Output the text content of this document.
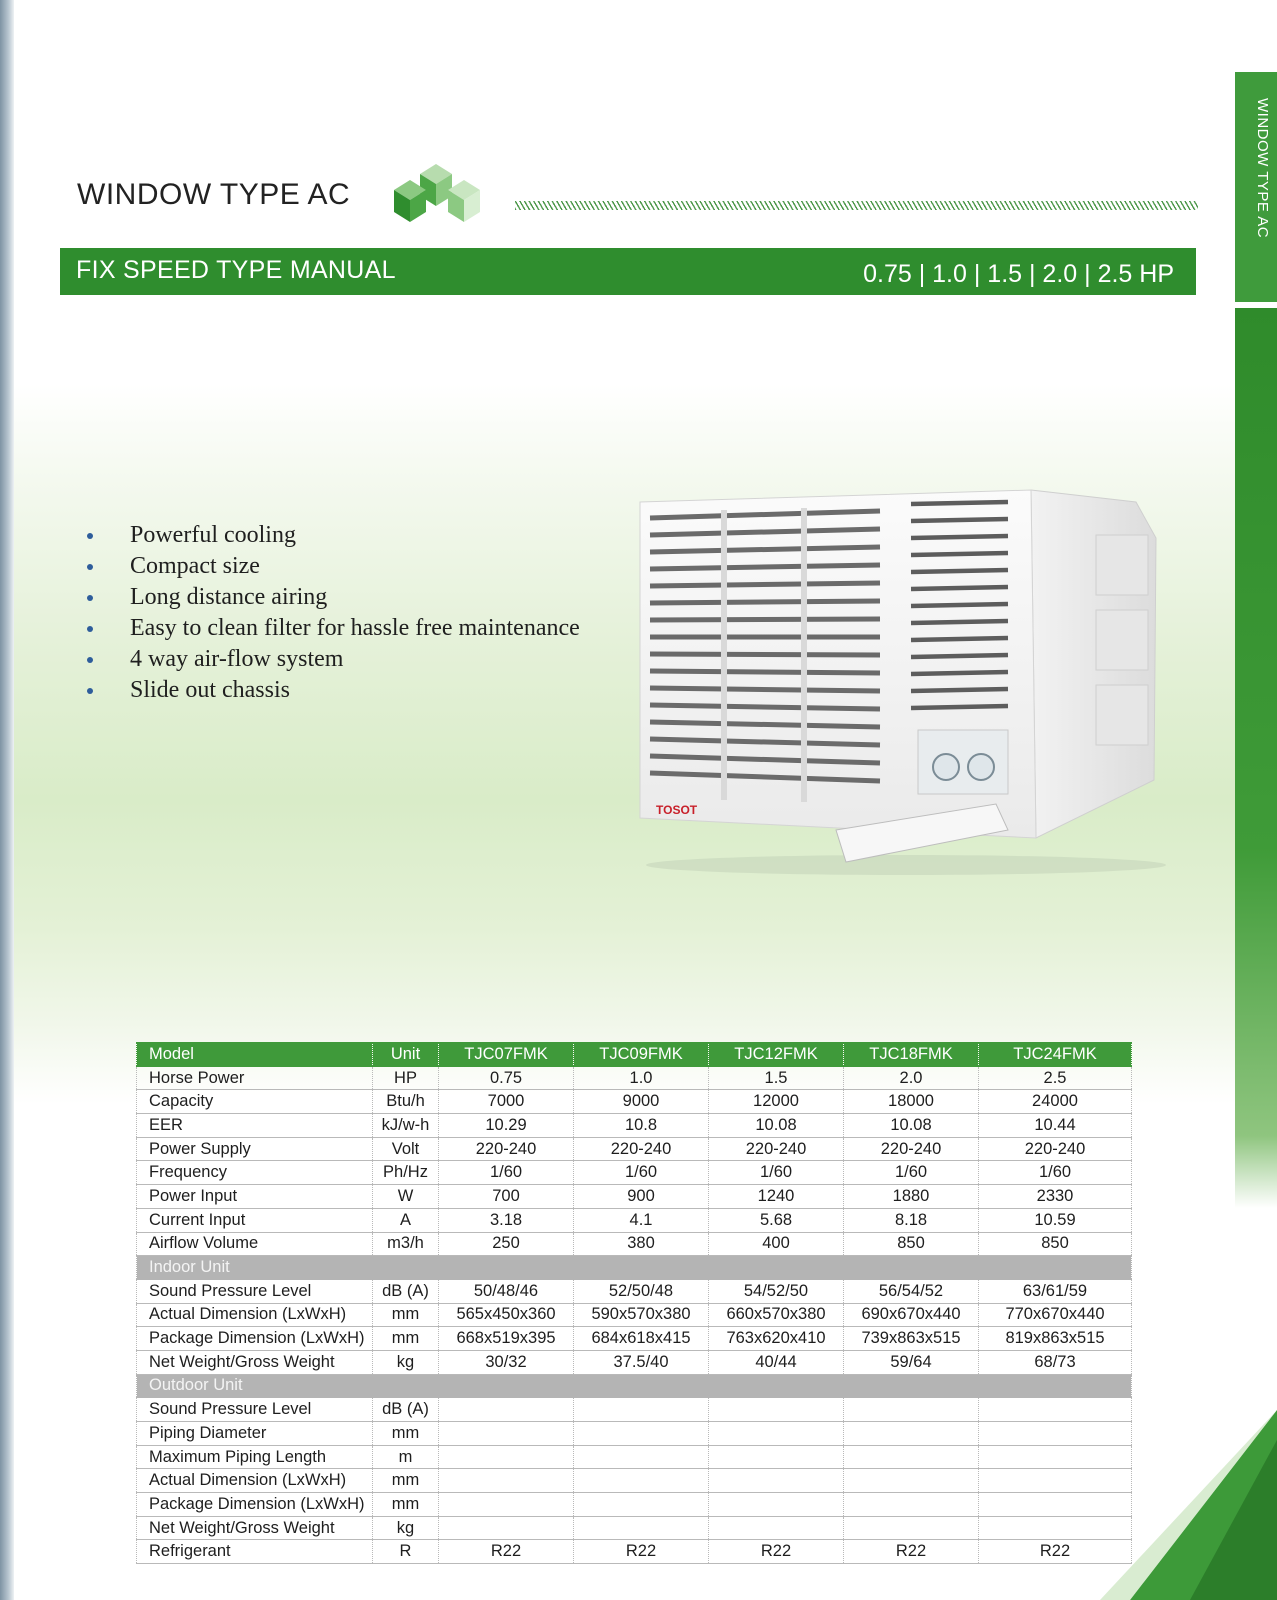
WINDOW TYPE AC
WINDOW TYPE AC
FIX SPEED TYPE MANUAL	0.75 | 1.0 | 1.5 | 2.0 | 2.5 HP
Powerful cooling
Compact size
Long distance airing
Easy to clean filter for hassle free maintenance
4 way air-flow system
Slide out chassis
TOSOT
Model	Unit	TJC07FMK	TJC09FMK	TJC12FMK	TJC18FMK	TJC24FMK
Horse Power	HP	0.75	1.0	1.5	2.0	2.5
Capacity	Btu/h	7000	9000	12000	18000	24000
EER	kJ/w-h	10.29	10.8	10.08	10.08	10.44
Power Supply	Volt	220-240	220-240	220-240	220-240	220-240
Frequency	Ph/Hz	1/60	1/60	1/60	1/60	1/60
Power Input	W	700	900	1240	1880	2330
Current Input	A	3.18	4.1	5.68	8.18	10.59
Airflow Volume	m3/h	250	380	400	850	850
Indoor Unit						
Sound Pressure Level	dB (A)	50/48/46	52/50/48	54/52/50	56/54/52	63/61/59
Actual Dimension (LxWxH)	mm	565x450x360	590x570x380	660x570x380	690x670x440	770x670x440
Package Dimension (LxWxH)	mm	668x519x395	684x618x415	763x620x410	739x863x515	819x863x515
Net Weight/Gross Weight	kg	30/32	37.5/40	40/44	59/64	68/73
Outdoor Unit						
Sound Pressure Level	dB (A)					
Piping Diameter	mm					
Maximum Piping Length	m					
Actual Dimension (LxWxH)	mm					
Package Dimension (LxWxH)	mm					
Net Weight/Gross Weight	kg					
Refrigerant	R	R22	R22	R22	R22	R22
